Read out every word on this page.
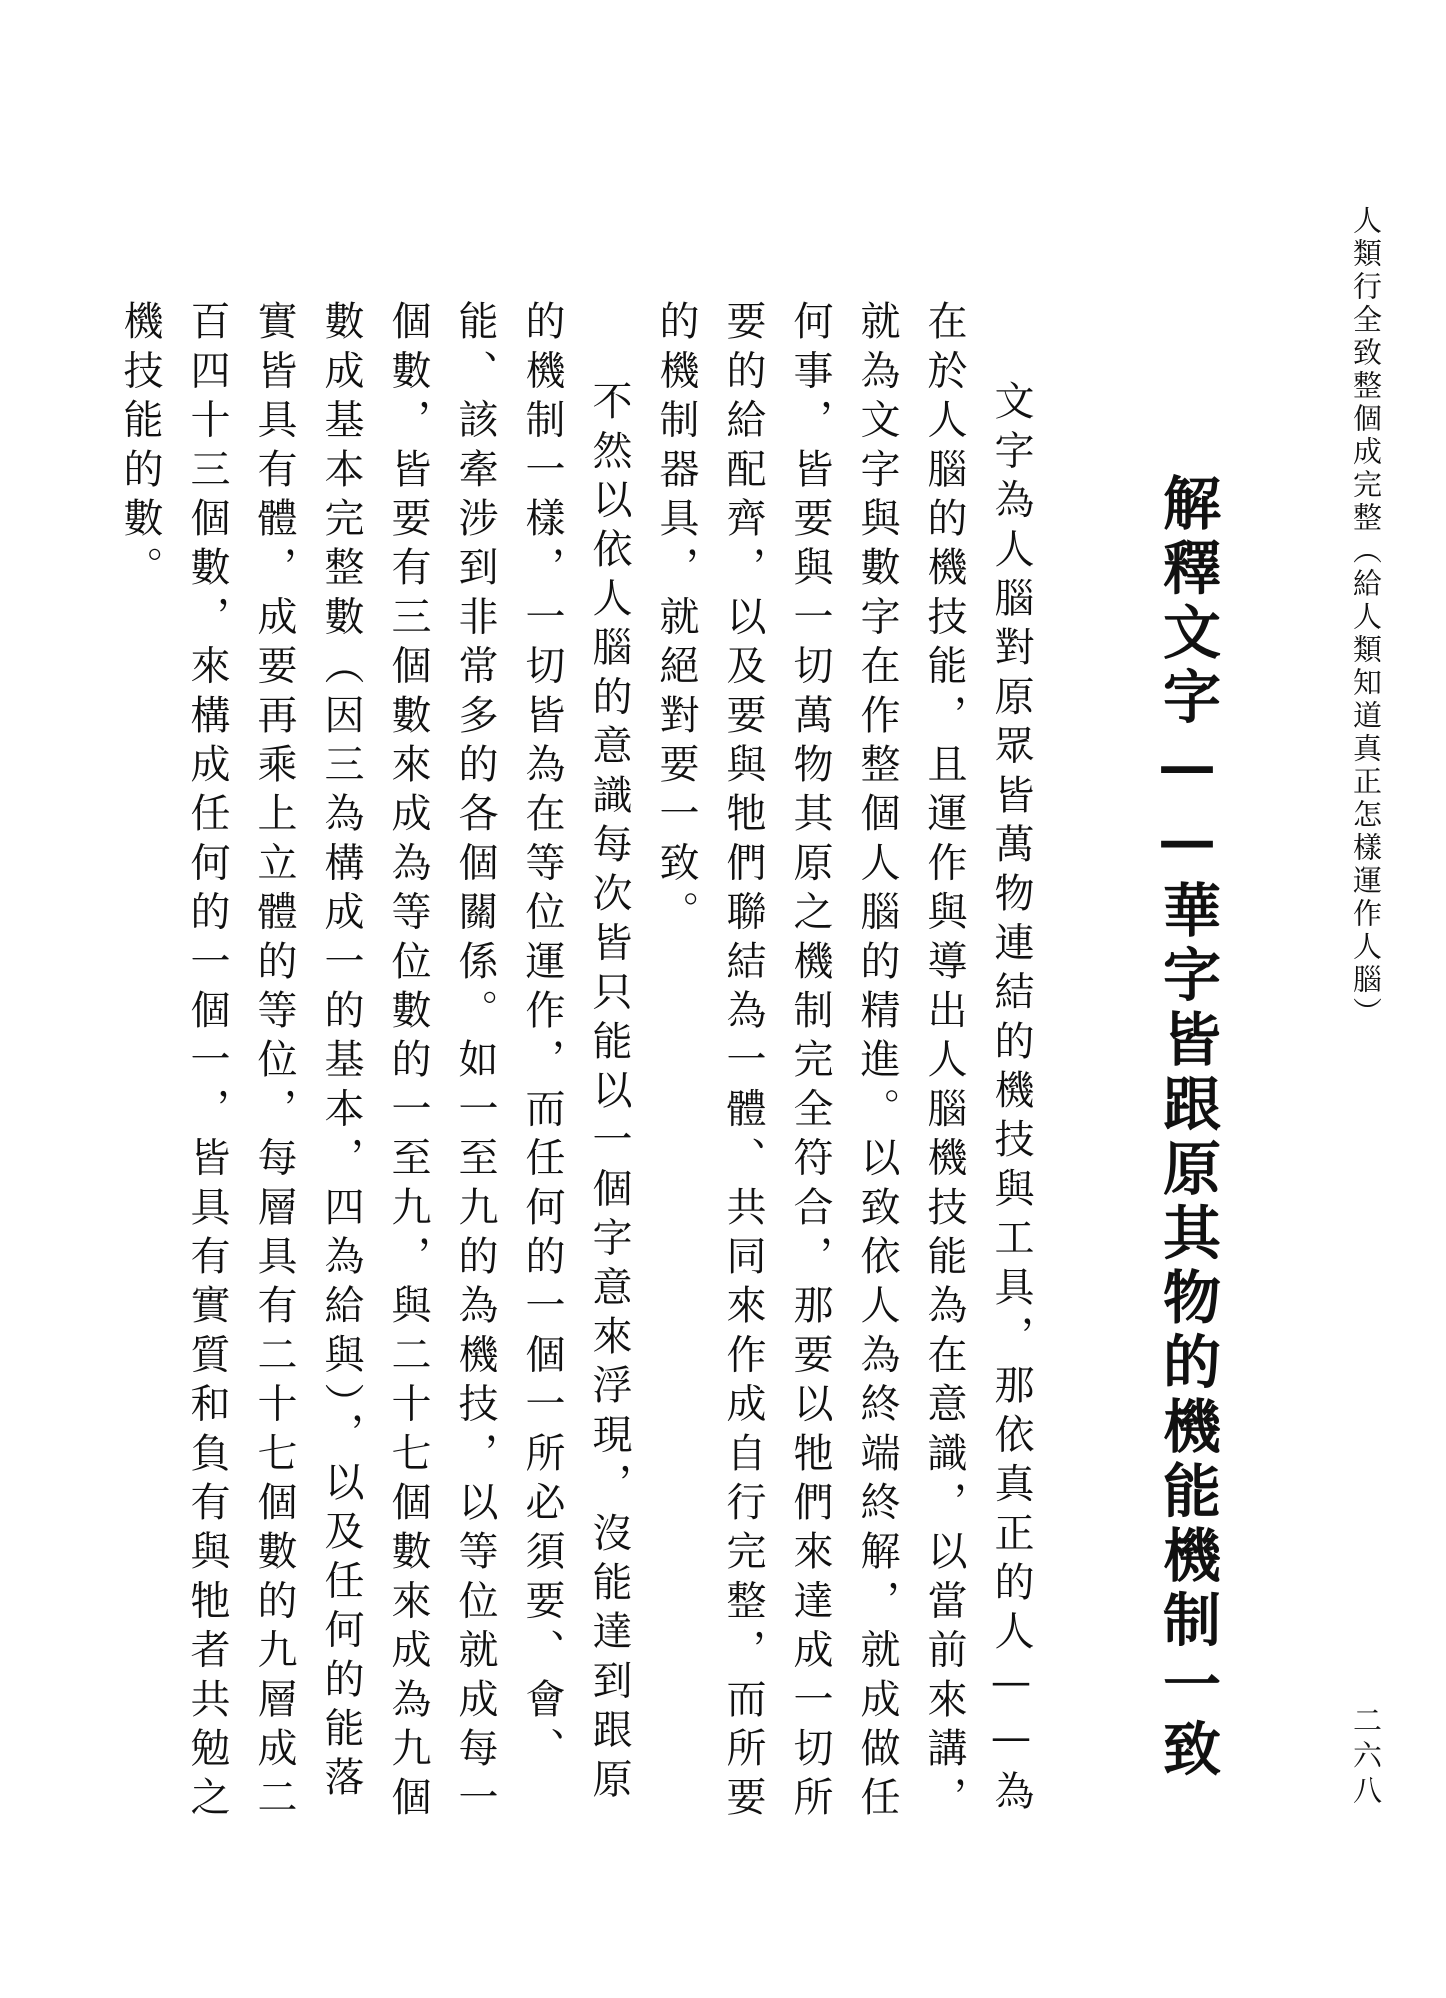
人類行全致整個成完整（給人類知道真正怎樣運作人腦）
二六八
解釋文字——華字皆跟原其物的機能機制一致

文字為人腦對原眾皆萬物連結的機技與工具，那依真正的人——為在於人腦的機技能，且運作與導出人腦機技能為在意識，以當前來講，就為文字與數字在作整個人腦的精進。以致依人為終端終解，就成做任何事，皆要與一切萬物其原之機制完全符合，那要以牠們來達成一切所要的給配齊，以及要與牠們聯結為一體、共同來作成自行完整，而所要的機制器具，就絕對要一致。

不然以依人腦的意識每次皆只能以一個字意來浮現，沒能達到跟原的機制一樣，一切皆為在等位運作，而任何的一個一所必須要、會、能、該牽涉到非常多的各個關係。如一至九的為機技，以等位就成每一個數，皆要有三個數來成為等位數的一至九，與二十七個數來成為九個數成基本完整數（因三為構成一的基本，四為給與），以及任何的能落實皆具有體，成要再乘上立體的等位，每層具有二十七個數的九層成二百四十三個數，來構成任何的一個一，皆具有實質和負有與牠者共勉之機技能的數。
